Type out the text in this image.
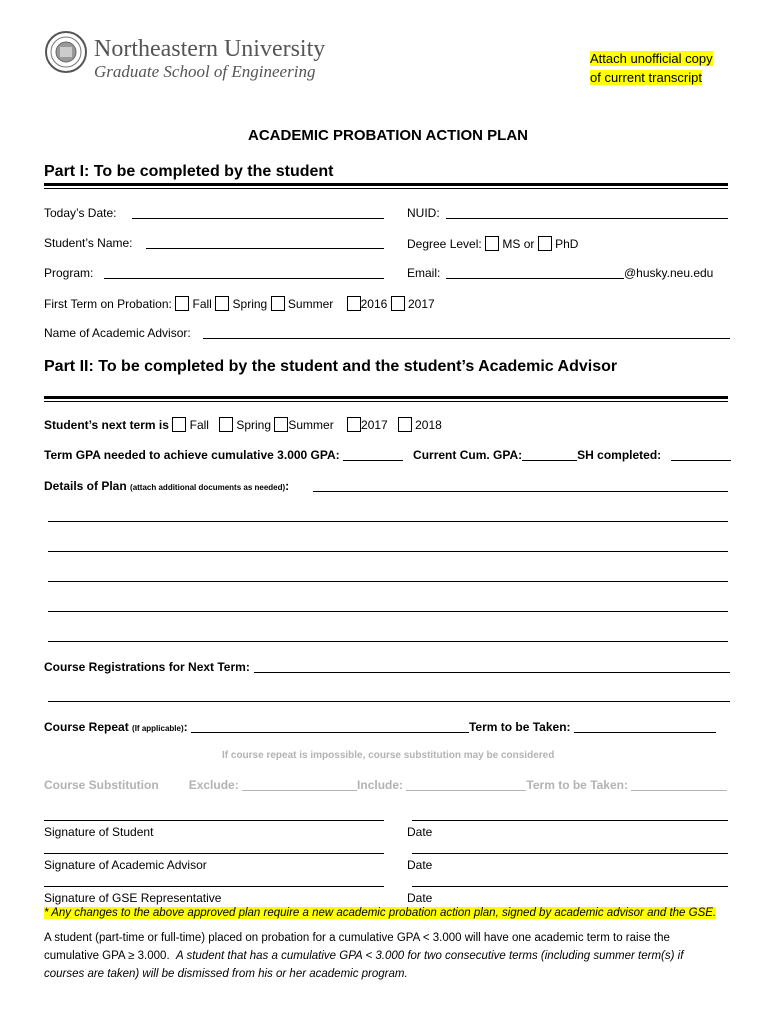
Northeastern University
Graduate School of Engineering
Attach unofficial copy
of current transcript
ACADEMIC PROBATION ACTION PLAN
Part I: To be completed by the student
Today’s Date:	NUID:
Student’s Name:	Degree Level: MS or PhD
Program:	Email:	@husky.neu.edu
First Term on Probation: Fall Spring Summer 2016 2017
Name of Academic Advisor:
Part II: To be completed by the student and the student’s Academic Advisor
Student’s next term is Fall Spring Summer 2017 2018
Term GPA needed to achieve cumulative 3.000 GPA:	Current Cum. GPA:	SH completed:
Details of Plan (attach additional documents as needed):
Course Registrations for Next Term:
Course Repeat (If applicable):	Term to be Taken:
If course repeat is impossible, course substitution may be considered
Course Substitution	Exclude:	Include:	Term to be Taken:
Signature of Student	Date
Signature of Academic Advisor	Date
Signature of GSE Representative	Date
* Any changes to the above approved plan require a new academic probation action plan, signed by academic advisor and the GSE.
A student (part-time or full-time) placed on probation for a cumulative GPA < 3.000 will have one academic term to raise the
cumulative GPA ≥ 3.000.  A student that has a cumulative GPA < 3.000 for two consecutive terms (including summer term(s) if
courses are taken) will be dismissed from his or her academic program.
